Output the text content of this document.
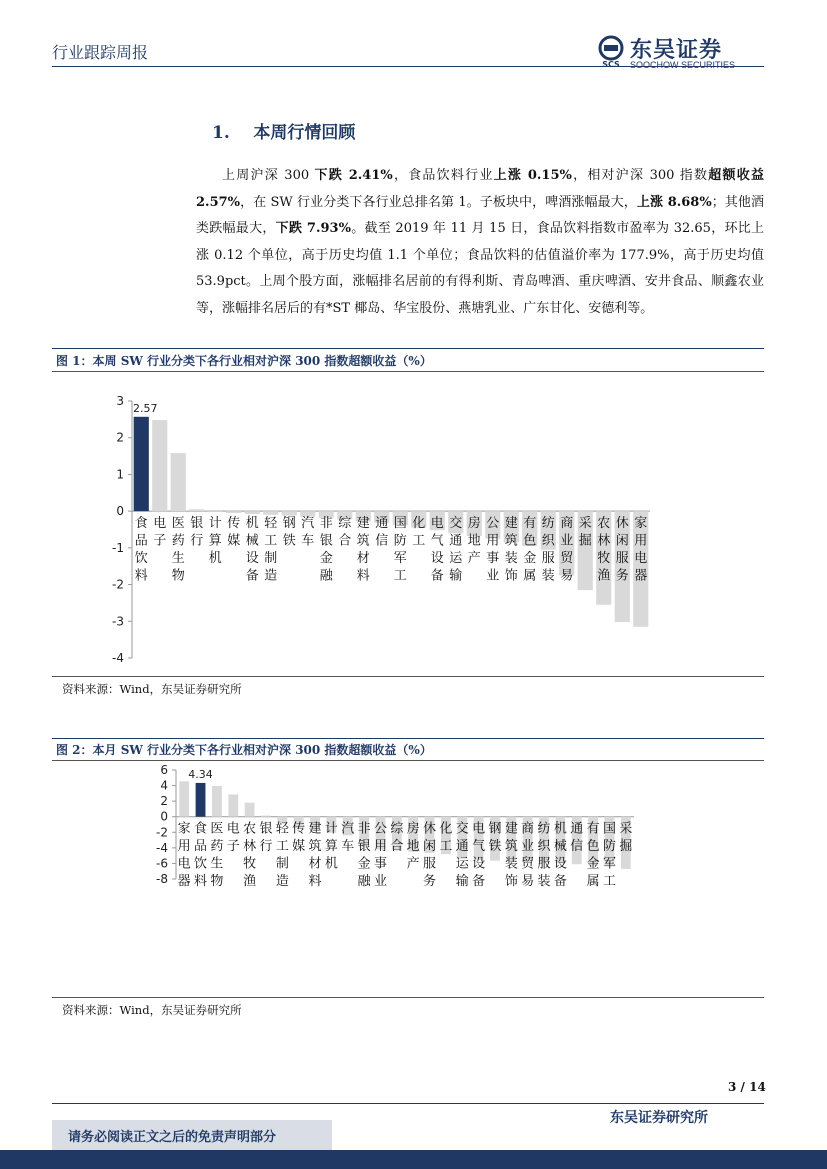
行业跟踪周报
SCS
东吴证券
SOOCHOW SECURITIES
1.    本周行情回顾

上周沪深 300 下跌 2.41%，食品饮料行业上涨 0.15%，相对沪深 300 指数超额收益 2.57%，在 SW 行业分类下各行业总排名第 1。子板块中，啤酒涨幅最大，上涨 8.68%；其他酒类跌幅最大，下跌 7.93%。截至 2019 年 11 月 15 日，食品饮料指数市盈率为 32.65，环比上涨 0.12 个单位，高于历史均值 1.1 个单位；食品饮料的估值溢价率为 177.9%，高于历史均值 53.9pct。上周个股方面，涨幅排名居前的有得利斯、青岛啤酒、重庆啤酒、安井食品、顺鑫农业等，涨幅排名居后的有*ST 椰岛、华宝股份、燕塘乳业、广东甘化、安德利等。

图 1：本周 SW 行业分类下各行业相对沪深 300 指数超额收益（%）
3
2
1
0
-1
-2
-3
-4
食品饮料
2.57
电子
医药生物
银行
计算机
传媒
机械设备
轻工制造
钢铁
汽车
非银金融
综合
建筑材料
通信
国防军工
化工
电气设备
交通运输
房地产
公用事业
建筑装饰
有色金属
纺织服装
商业贸易
采掘
农林牧渔
休闲服务
家用电器
资料来源：Wind，东吴证券研究所
图 2：本月 SW 行业分类下各行业相对沪深 300 指数超额收益（%）
6
4
2
0
-2
-4
-6
-8
家用电器
食品饮料
4.34
医药生物
电子
农林牧渔
银行
轻工制造
传媒
建筑材料
计算机
汽车
非银金融
公用事业
综合
房地产
休闲服务
化工
交通运输
电气设备
钢铁
建筑装饰
商业贸易
纺织服装
机械设备
通信
有色金属
国防军工
采掘
资料来源：Wind，东吴证券研究所
3 / 14
东吴证券研究所
请务必阅读正文之后的免责声明部分
